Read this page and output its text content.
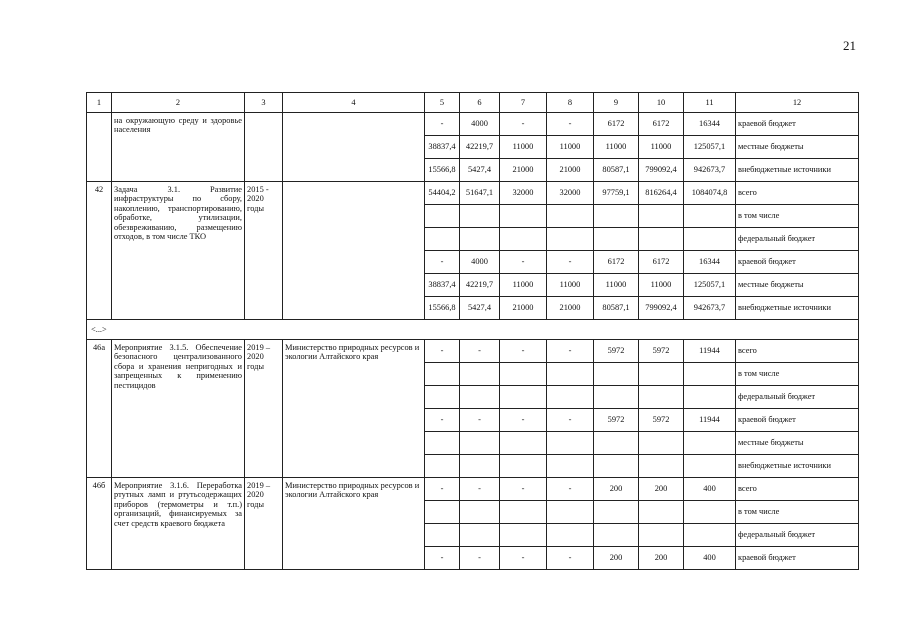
21
1	2	3	4	5	6	7	8	9	10	11	12
	на окружающую среду и здоровье населения			-	4000	-	-	6172	6172	16344	краевой бюджет
				38837,4	42219,7	11000	11000	11000	11000	125057,1	местные бюджеты
				15566,8	5427,4	21000	21000	80587,1	799092,4	942673,7	внебюджетные источники
42	Задача 3.1. Развитие инфраструктуры по сбору, накоплению, транспортированию, обработке, утилизации, обезвреживанию, размещению отходов, в том числе ТКО	2015 - 2020 годы		54404,2	51647,1	32000	32000	97759,1	816264,4	1084074,8	всего
											в том числе
											федеральный бюджет
				-	4000	-	-	6172	6172	16344	краевой бюджет
				38837,4	42219,7	11000	11000	11000	11000	125057,1	местные бюджеты
				15566,8	5427,4	21000	21000	80587,1	799092,4	942673,7	внебюджетные источники
<...>											
46а	Мероприятие 3.1.5. Обеспечение безопасного централизованного сбора и хранения непригодных и запрещенных к применению пестицидов	2019 – 2020 годы	Министерство природных ресурсов и экологии Алтайского края	-	-	-	-	5972	5972	11944	всего
											в том числе
											федеральный бюджет
				-	-	-	-	5972	5972	11944	краевой бюджет
											местные бюджеты
											внебюджетные источники
46б	Мероприятие 3.1.6. Переработка ртутных ламп и ртутьсодержащих приборов (термометры и т.п.) организаций, финансируемых за счет средств краевого бюджета	2019 – 2020 годы	Министерство природных ресурсов и экологии Алтайского края	-	-	-	-	200	200	400	всего
											в том числе
											федеральный бюджет
				-	-	-	-	200	200	400	краевой бюджет
